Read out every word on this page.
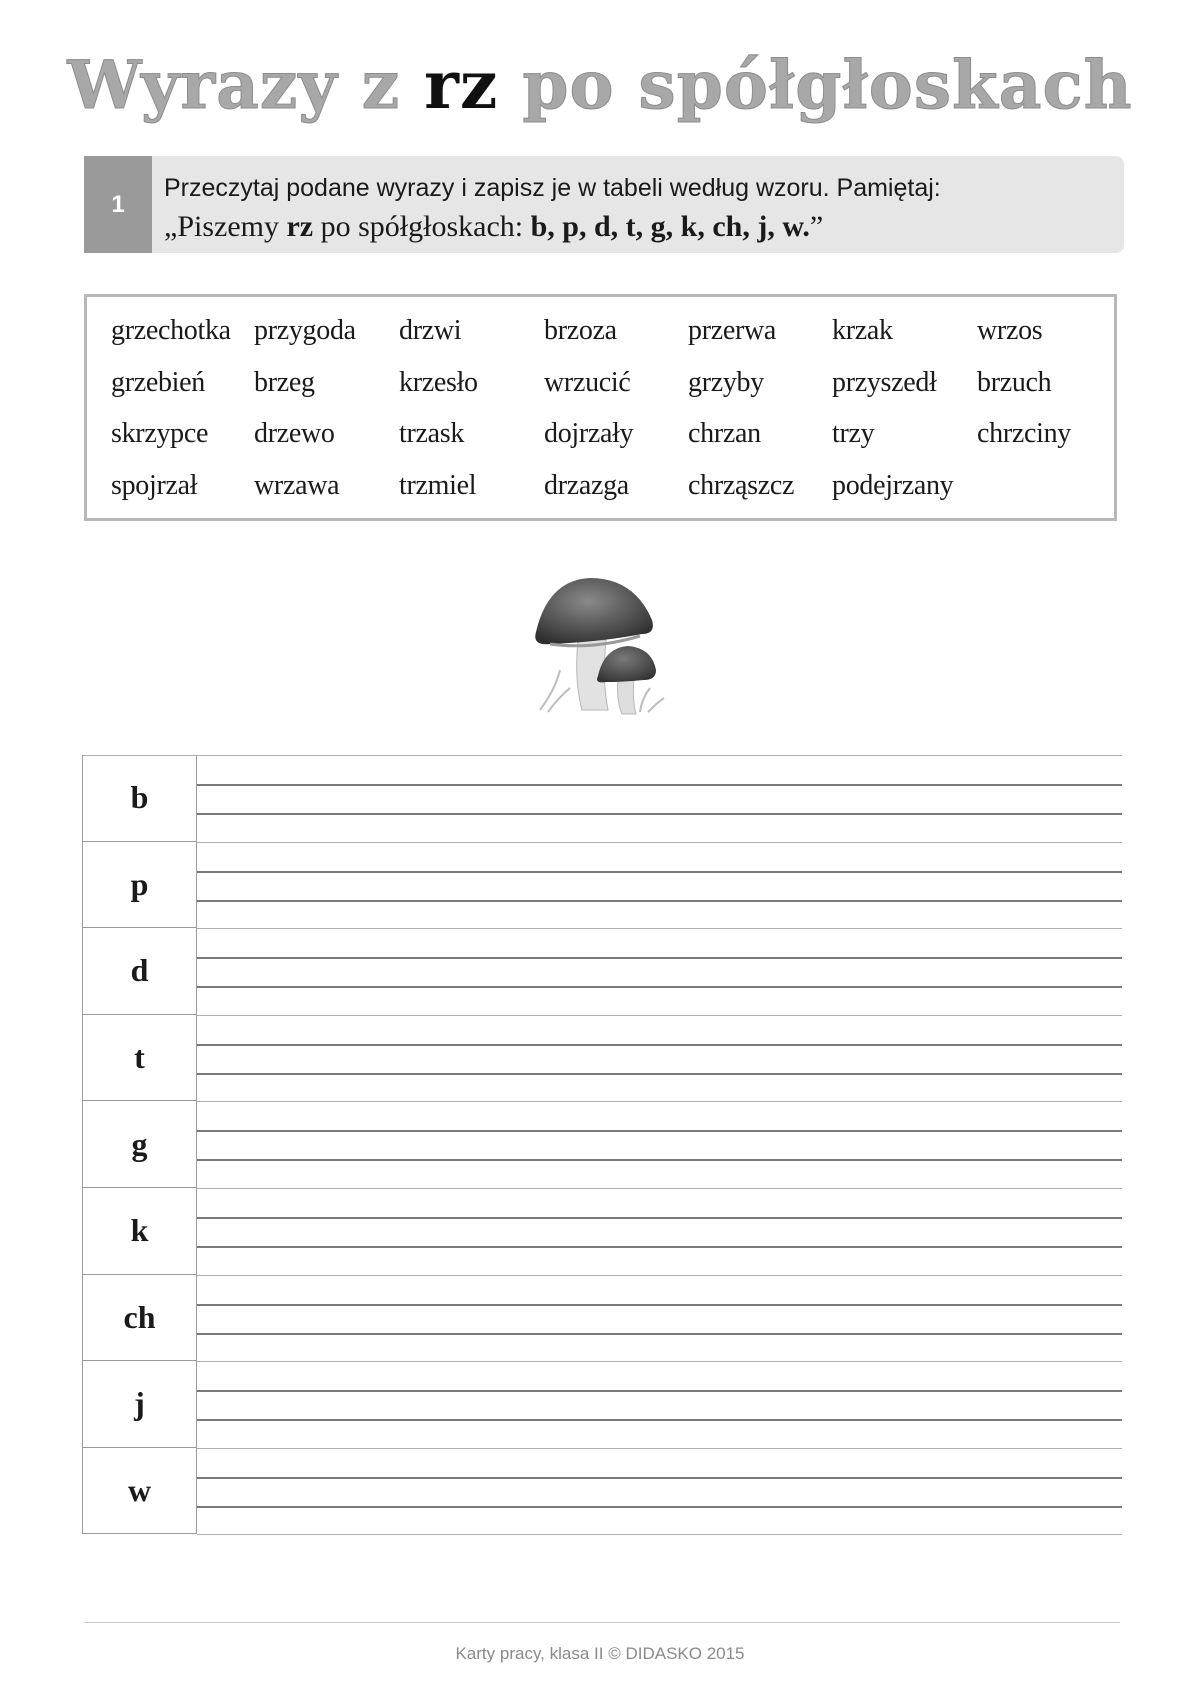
Wyrazy z rz po spółgłoskach
1
Przeczytaj podane wyrazy i zapisz je w tabeli według wzoru. Pamiętaj:
„Piszemy rz po spółgłoskach: b, p, d, t, g, k, ch, j, w.”
grzechotka przygoda drzwi	brzoza	przerwa krzak	wrzos
grzebień brzeg	krzesło wrzucić grzyby przyszedł brzuch
skrzypce drzewo trzask	dojrzały chrzan	trzy	chrzciny
spojrzał wrzawa trzmiel drzazga chrząszcz podejrzany
b
p
d
t
g
k
ch
j
w
Karty pracy, klasa II © DIDASKO 2015
